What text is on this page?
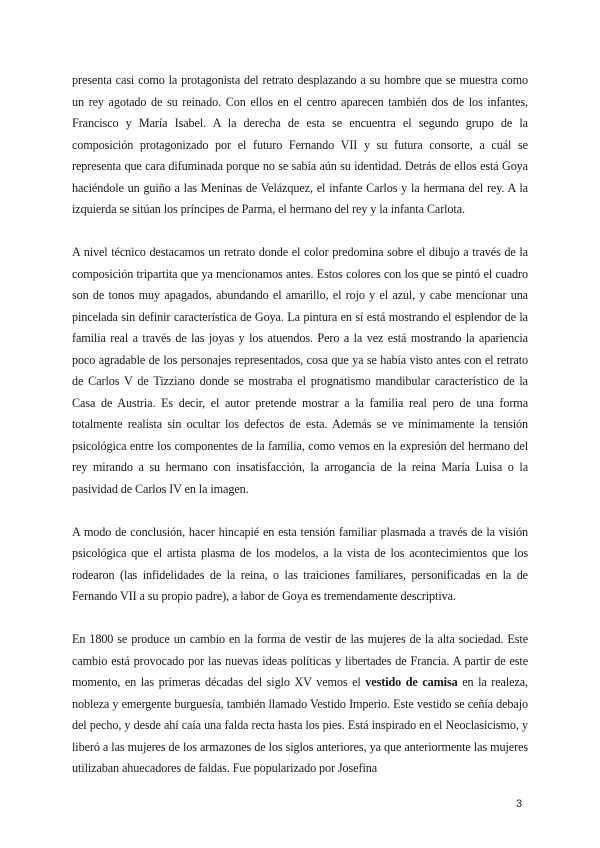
presenta casi como la protagonista del retrato desplazando a su hombre que se muestra como un rey agotado de su reinado. Con ellos en el centro aparecen también dos de los infantes, Francisco y María Isabel. A la derecha de esta se encuentra el segundo grupo de la composición protagonizado por el futuro Fernando VII y su futura consorte, a cuál se representa que cara difuminada porque no se sabía aún su identidad. Detrás de ellos está Goya haciéndole un guiño a las Meninas de Velázquez, el infante Carlos y la hermana del rey. A la izquierda se sitúan los príncipes de Parma, el hermano del rey y la infanta Carlota.

A nivel técnico destacamos un retrato donde el color predomina sobre el dibujo a través de la composición tripartita que ya mencionamos antes. Estos colores con los que se pintó el cuadro son de tonos muy apagados, abundando el amarillo, el rojo y el azul, y cabe mencionar una pincelada sin definir característica de Goya. La pintura en sí está mostrando el esplendor de la familia real a través de las joyas y los atuendos. Pero a la vez está mostrando la apariencia poco agradable de los personajes representados, cosa que ya se había visto antes con el retrato de Carlos V de Tizziano donde se mostraba el prognatismo mandibular característico de la Casa de Austria. Es decir, el autor pretende mostrar a la familia real pero de una forma totalmente realista sin ocultar los defectos de esta. Además se ve mínimamente la tensión psicológica entre los componentes de la familia, como vemos en la expresión del hermano del rey mirando a su hermano con insatisfacción, la arrogancia de la reina María Luisa o la pasividad de Carlos IV en la imagen.

A modo de conclusión, hacer hincapié en esta tensión familiar plasmada a través de la visión psicológica que el artista plasma de los modelos, a la vista de los acontecimientos que los rodearon (las infidelidades de la reina, o las traiciones familiares, personificadas en la de Fernando VII a su propio padre), a labor de Goya es tremendamente descriptiva.

En 1800 se produce un cambio en la forma de vestir de las mujeres de la alta sociedad. Este cambio está provocado por las nuevas ideas políticas y libertades de Francia. A partir de este momento, en las primeras décadas del siglo XV vemos el vestido de camisa en la realeza, nobleza y emergente burguesía, también llamado Vestido Imperio. Este vestido se ceñía debajo del pecho, y desde ahí caía una falda recta hasta los pies. Está inspirado en el Neoclasicismo, y liberó a las mujeres de los armazones de los siglos anteriores, ya que anteriormente las mujeres utilizaban ahuecadores de faldas. Fue popularizado por Josefina

3
